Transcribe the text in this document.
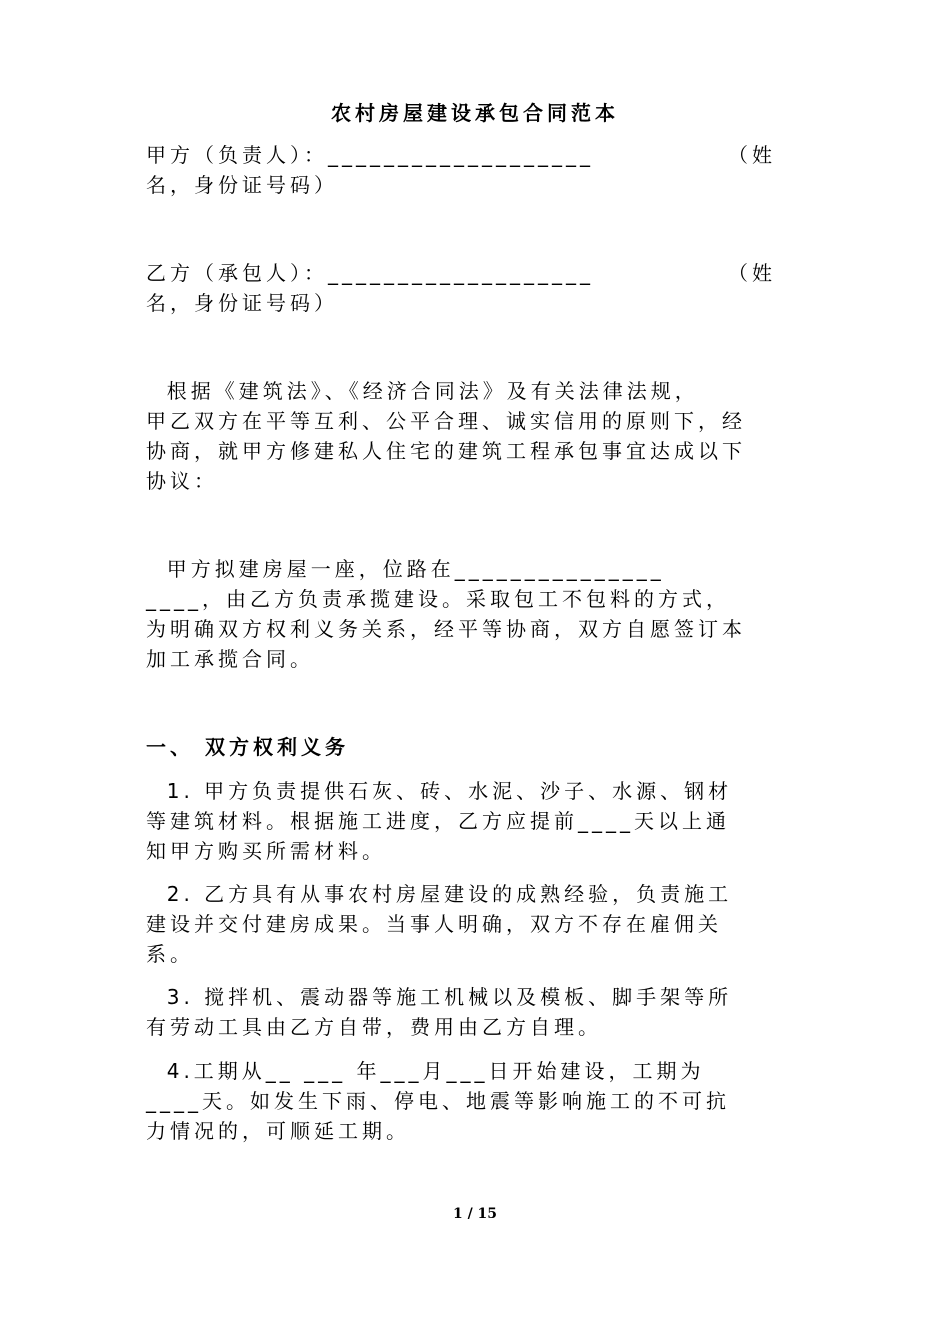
农村房屋建设承包合同范本
甲方（负责人）：___________________	（姓
名，身份证号码）
乙方（承包人）：___________________	（姓
名，身份证号码）
根据《建筑法》、《经济合同法》及有关法律法规，
甲乙双方在平等互利、公平合理、诚实信用的原则下，经
协商，就甲方修建私人住宅的建筑工程承包事宜达成以下
协议：
甲方拟建房屋一座，位路在_______________
____，由乙方负责承揽建设。采取包工不包料的方式，
为明确双方权利义务关系，经平等协商，双方自愿签订本
加工承揽合同。
一、 双方权利义务
1. 甲方负责提供石灰、砖、水泥、沙子、水源、钢材
等建筑材料。根据施工进度，乙方应提前____天以上通
知甲方购买所需材料。
2. 乙方具有从事农村房屋建设的成熟经验，负责施工
建设并交付建房成果。当事人明确，双方不存在雇佣关
系。
3. 搅拌机、震动器等施工机械以及模板、脚手架等所
有劳动工具由乙方自带，费用由乙方自理。
4.工期从__ ___ 年___月___日开始建设，工期为
____天。如发生下雨、停电、地震等影响施工的不可抗
力情况的，可顺延工期。
1 / 15
